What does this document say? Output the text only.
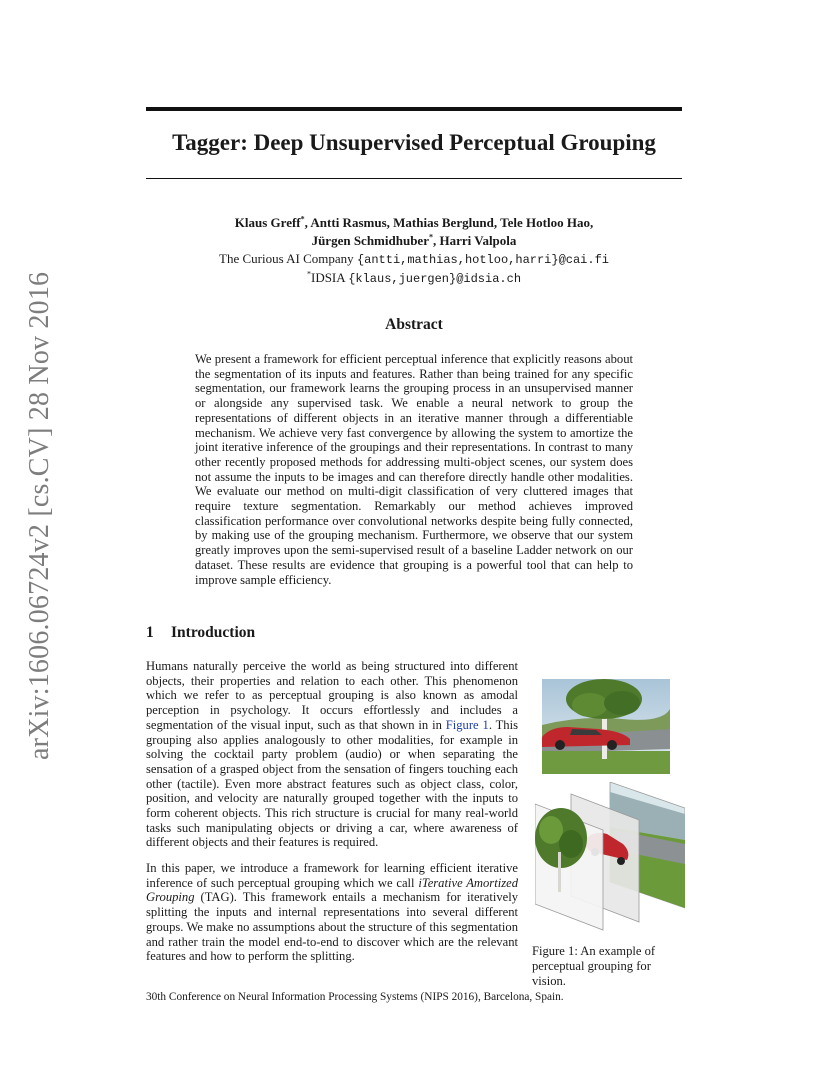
arXiv:1606.06724v2 [cs.CV] 28 Nov 2016
Tagger: Deep Unsupervised Perceptual Grouping
Klaus Greff*, Antti Rasmus, Mathias Berglund, Tele Hotloo Hao,
Jürgen Schmidhuber*, Harri Valpola
The Curious AI Company {antti,mathias,hotloo,harri}@cai.fi
*IDSIA {klaus,juergen}@idsia.ch
Abstract
We present a framework for efficient perceptual inference that explicitly reasons about the segmentation of its inputs and features. Rather than being trained for any specific segmentation, our framework learns the grouping process in an unsupervised manner or alongside any supervised task. We enable a neural network to group the representations of different objects in an iterative manner through a differentiable mechanism. We achieve very fast convergence by allowing the system to amortize the joint iterative inference of the groupings and their representations. In contrast to many other recently proposed methods for addressing multi-object scenes, our system does not assume the inputs to be images and can therefore directly handle other modalities. We evaluate our method on multi-digit classification of very cluttered images that require texture segmentation. Remarkably our method achieves improved classification performance over convolutional networks despite being fully connected, by making use of the grouping mechanism. Furthermore, we observe that our system greatly improves upon the semi-supervised result of a baseline Ladder network on our dataset. These results are evidence that grouping is a powerful tool that can help to improve sample efficiency.
1 Introduction
Humans naturally perceive the world as being structured into different objects, their properties and relation to each other. This phenomenon which we refer to as perceptual grouping is also known as amodal perception in psychology. It occurs effortlessly and includes a segmentation of the visual input, such as that shown in in Figure 1. This grouping also applies analogously to other modalities, for example in solving the cocktail party problem (audio) or when separating the sensation of a grasped object from the sensation of fingers touching each other (tactile). Even more abstract features such as object class, color, position, and velocity are naturally grouped together with the inputs to form coherent objects. This rich structure is crucial for many real-world tasks such manipulating objects or driving a car, where awareness of different objects and their features is required.
In this paper, we introduce a framework for learning efficient iterative inference of such perceptual grouping which we call iTerative Amortized Grouping (TAG). This framework entails a mechanism for iteratively splitting the inputs and internal representations into several different groups. We make no assumptions about the structure of this segmentation and rather train the model end-to-end to discover which are the relevant features and how to perform the splitting.	Figure 1: An example of perceptual grouping for vision.
30th Conference on Neural Information Processing Systems (NIPS 2016), Barcelona, Spain.
